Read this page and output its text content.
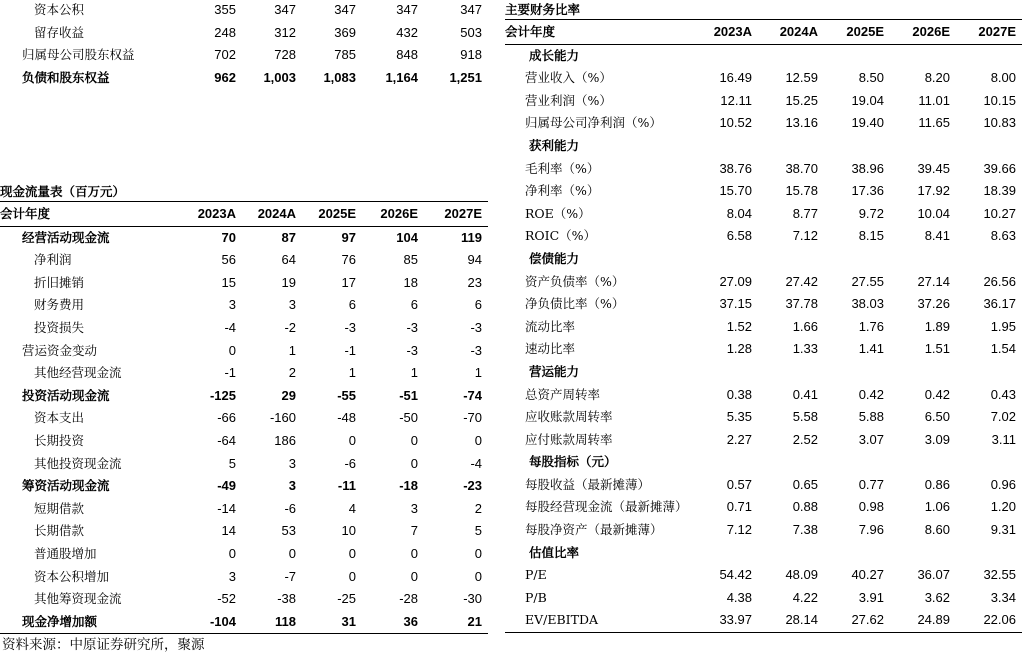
资本公积	355	347	347	347	347
留存收益	248	312	369	432	503
归属母公司股东权益	702	728	785	848	918
负债和股东权益	962	1,003	1,083	1,164	1,251
现金流量表（百万元）
会计年度	2023A	2024A	2025E	2026E	2027E
经营活动现金流	70	87	97	104	119
净利润	56	64	76	85	94
折旧摊销	15	19	17	18	23
财务费用	3	3	6	6	6
投资损失	-4	-2	-3	-3	-3
营运资金变动	0	1	-1	-3	-3
其他经营现金流	-1	2	1	1	1
投资活动现金流	-125	29	-55	-51	-74
资本支出	-66	-160	-48	-50	-70
长期投资	-64	186	0	0	0
其他投资现金流	5	3	-6	0	-4
筹资活动现金流	-49	3	-11	-18	-23
短期借款	-14	-6	4	3	2
长期借款	14	53	10	7	5
普通股增加	0	0	0	0	0
资本公积增加	3	-7	0	0	0
其他筹资现金流	-52	-38	-25	-28	-30
现金净增加额	-104	118	31	36	21
主要财务比率
会计年度	2023A	2024A	2025E	2026E	2027E
成长能力					
营业收入（%）	16.49	12.59	8.50	8.20	8.00
营业利润（%）	12.11	15.25	19.04	11.01	10.15
归属母公司净利润（%）	10.52	13.16	19.40	11.65	10.83
获利能力					
毛利率（%）	38.76	38.70	38.96	39.45	39.66
净利率（%）	15.70	15.78	17.36	17.92	18.39
ROE（%）	8.04	8.77	9.72	10.04	10.27
ROIC（%）	6.58	7.12	8.15	8.41	8.63
偿债能力					
资产负债率（%）	27.09	27.42	27.55	27.14	26.56
净负债比率（%）	37.15	37.78	38.03	37.26	36.17
流动比率	1.52	1.66	1.76	1.89	1.95
速动比率	1.28	1.33	1.41	1.51	1.54
营运能力					
总资产周转率	0.38	0.41	0.42	0.42	0.43
应收账款周转率	5.35	5.58	5.88	6.50	7.02
应付账款周转率	2.27	2.52	3.07	3.09	3.11
每股指标（元）					
每股收益（最新摊薄）	0.57	0.65	0.77	0.86	0.96
每股经营现金流（最新摊薄）	0.71	0.88	0.98	1.06	1.20
每股净资产（最新摊薄）	7.12	7.38	7.96	8.60	9.31
估值比率					
P/E	54.42	48.09	40.27	36.07	32.55
P/B	4.38	4.22	3.91	3.62	3.34
EV/EBITDA	33.97	28.14	27.62	24.89	22.06
资料来源：中原证券研究所，聚源
